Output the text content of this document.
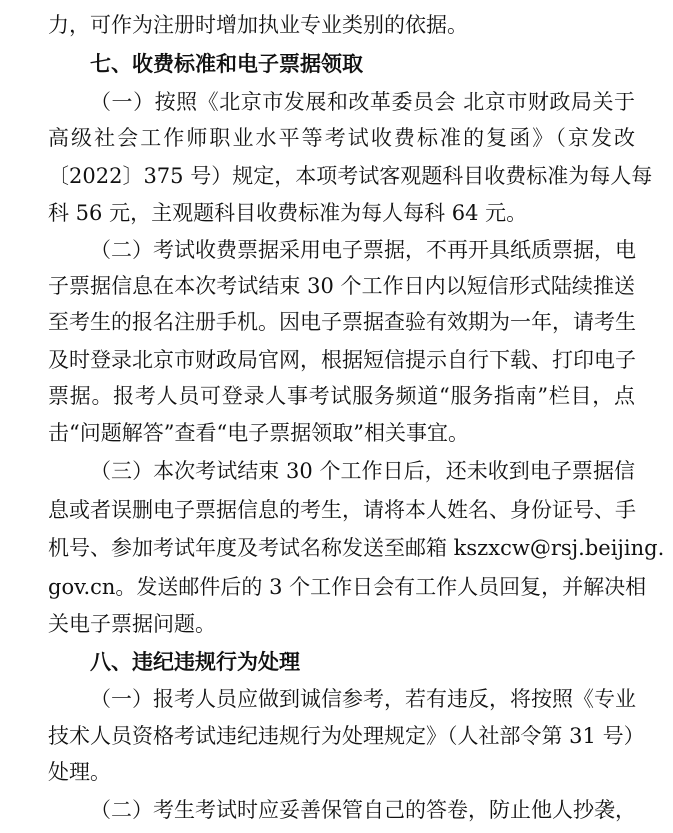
力，可作为注册时增加执业专业类别的依据。
七、收费标准和电子票据领取
（一）按照《北京市发展和改革委员会 北京市财政局关于
高级社会工作师职业水平等考试收费标准的复函》（京发改
〔2022〕375 号）规定，本项考试客观题科目收费标准为每人每
科 56 元，主观题科目收费标准为每人每科 64 元。
（二）考试收费票据采用电子票据，不再开具纸质票据，电
子票据信息在本次考试结束 30 个工作日内以短信形式陆续推送
至考生的报名注册手机。因电子票据查验有效期为一年，请考生
及时登录北京市财政局官网，根据短信提示自行下载、打印电子
票据。报考人员可登录人事考试服务频道“服务指南”栏目，点
击“问题解答”查看“电子票据领取”相关事宜。
（三）本次考试结束 30 个工作日后，还未收到电子票据信
息或者误删电子票据信息的考生，请将本人姓名、身份证号、手
机号、参加考试年度及考试名称发送至邮箱 kszxcw@rsj.beijing.
gov.cn。发送邮件后的 3 个工作日会有工作人员回复，并解决相
关电子票据问题。
八、违纪违规行为处理
（一）报考人员应做到诚信参考，若有违反，将按照《专业
技术人员资格考试违纪违规行为处理规定》（人社部令第 31 号）
处理。
（二）考生考试时应妥善保管自己的答卷，防止他人抄袭，
